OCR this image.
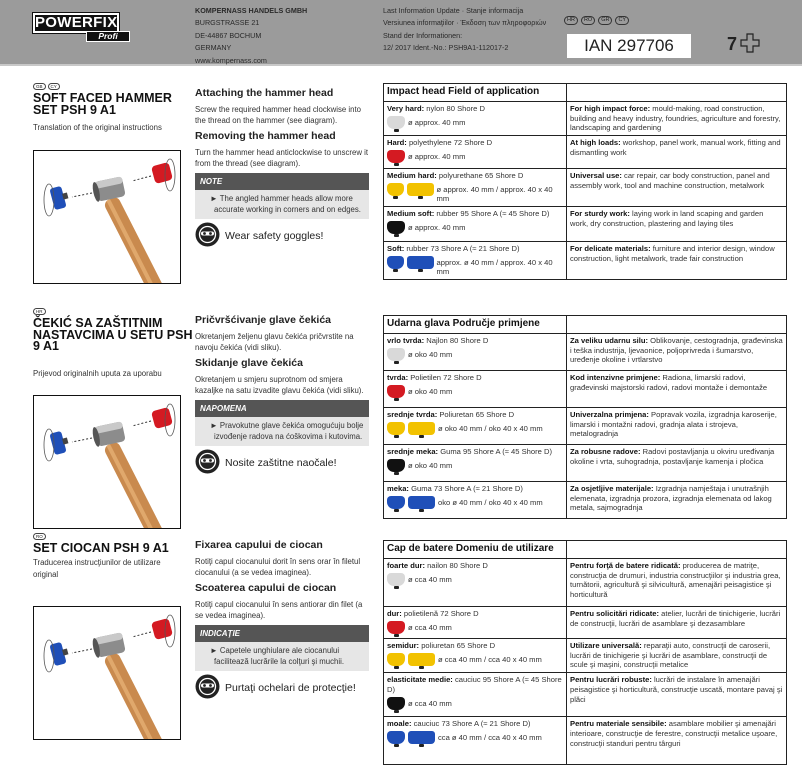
POWERFIX
Profi
KOMPERNASS HANDELS GMBH
BURGSTRASSE 21
DE-44867 BOCHUM
GERMANY
www.kompernass.com
Last Information Update · Stanje informacija
Versiunea informaţiilor · Έκδοση των πληροφοριών
Stand der Informationen:
12/ 2017 Ident.-No.: PSH9A1-112017-2
HR	RO	GR	CY
IAN 297706	7
GB	CY
SOFT FACED HAMMER SET PSH 9 A1
Translation of the original instructions
Attaching the hammer head

Screw the required hammer head clockwise into the thread on the hammer (see diagram).

Removing the hammer head

Turn the hammer head anticlockwise to unscrew it from the thread (see diagram).

NOTE
► The angled hammer heads allow more accurate working in corners and on edges.
Wear safety goggles!
Impact head Field of application	
Very hard: nylon 80 Shore D
ø approx. 40 mm	For high impact force: mould-making, road construction, building and heavy industry, foundries, agriculture and forestry, landscaping and gardening
Hard: polyethylene 72 Shore D
ø approx. 40 mm	At high loads: workshop, panel work, manual work, fitting and dismantling work
Medium hard: polyurethane 65 Shore D
ø approx. 40 mm / approx. 40 x 40 mm	Universal use: car repair, car body construction, panel and assembly work, tool and machine construction, metalwork
Medium soft: rubber 95 Shore A (≈ 45 Shore D)
ø approx. 40 mm	For sturdy work: laying work in land scaping and garden work, dry construction, plastering and laying tiles
Soft: rubber 73 Shore A (≈ 21 Shore D)
approx. ø 40 mm / approx. 40 x 40 mm	For delicate materials: furniture and interior design, window construction, light metalwork, trade fair construction
HR
ČEKIĆ SA ZAŠTITNIM NASTAVCIMA U SETU PSH 9 A1
Prijevod originalnih uputa za uporabu
Pričvršćivanje glave čekića

Okretanjem željenu glavu čekića pričvrstite na navoju čekića (vidi sliku).

Skidanje glave čekića

Okretanjem u smjeru suprotnom od smjera kazaljke na satu izvadite glavu čekića (vidi sliku).

NAPOMENA
► Pravokutne glave čekića omogućuju bolje izvođenje radova na ćoškovima i kutovima.
Nosite zaštitne naočale!
Udarna glava Područje primjene	
vrlo tvrda: Najlon 80 Shore D
ø oko 40 mm	Za veliku udarnu silu: Oblikovanje, cestogradnja, građevinska i teška industrija, ljevaonice, poljoprivreda i šumarstvo, uređenje okoline i vrtlarstvo
tvrda: Polietilen 72 Shore D
ø oko 40 mm	Kod intenzivne primjene: Radiona, limarski radovi, građevinski majstorski radovi, radovi montaže i demontaže
srednje tvrda: Poliuretan 65 Shore D
ø oko 40 mm / oko 40 x 40 mm	Univerzalna primjena: Popravak vozila, izgradnja karoserije, limarski i montažni radovi, gradnja alata i strojeva, metalogradnja
srednje meka: Guma 95 Shore A (≈ 45 Shore D)
ø oko 40 mm	Za robusne radove: Radovi postavljanja u okviru uređivanja okoline i vrta, suhogradnja, postavljanje kamenja i pločica
meka: Guma 73 Shore A (≈ 21 Shore D)
oko ø 40 mm / oko 40 x 40 mm	Za osjetljive materijale: Izgradnja namještaja i unutrašnjih elemenata, izgradnja prozora, izgradnja elemenata od lakog metala, sajmogradnja
RO
SET CIOCAN PSH 9 A1
Traducerea instrucţiunilor de utilizare original
Fixarea capului de ciocan

Rotiţi capul ciocanului dorit în sens orar în filetul ciocanului (a se vedea imaginea).

Scoaterea capului de ciocan

Rotiţi capul ciocanului în sens antiorar din filet (a se vedea imaginea).

INDICAŢIE
► Capetele unghiulare ale ciocanului facilitează lucrările la colţuri şi muchii.
Purtaţi ochelari de protecţie!
Cap de batere Domeniu de utilizare	
foarte dur: nailon 80 Shore D
ø cca 40 mm	Pentru forţă de batere ridicată: producerea de matriţe, construcţia de drumuri, industria construcţiilor şi industria grea, turnătorii, agricultură şi silvicultură, amenajări peisagistice şi horticultură
dur: polietilenă 72 Shore D
ø cca 40 mm	Pentru solicitări ridicate: atelier, lucrări de tinichigerie, lucrări de construcţii, lucrări de asamblare şi dezasamblare
semidur: poliuretan 65 Shore D
ø cca 40 mm / cca 40 x 40 mm	Utilizare universală: reparaţii auto, construcţii de caroserii, lucrări de tinichigerie şi lucrări de asamblare, construcţii de scule şi maşini, construcţii metalice
elasticitate medie: cauciuc 95 Shore A (≈ 45 Shore D)
ø cca 40 mm	Pentru lucrări robuste: lucrări de instalare în amenajări peisagistice şi horticultură, construcţie uscată, montare pavaj şi plăci
moale: cauciuc 73 Shore A (≈ 21 Shore D)
cca ø 40 mm / cca 40 x 40 mm	Pentru materiale sensibile: asamblare mobilier şi amenajări interioare, construcţie de ferestre, construcţii metalice uşoare, construcţii standuri pentru târguri
